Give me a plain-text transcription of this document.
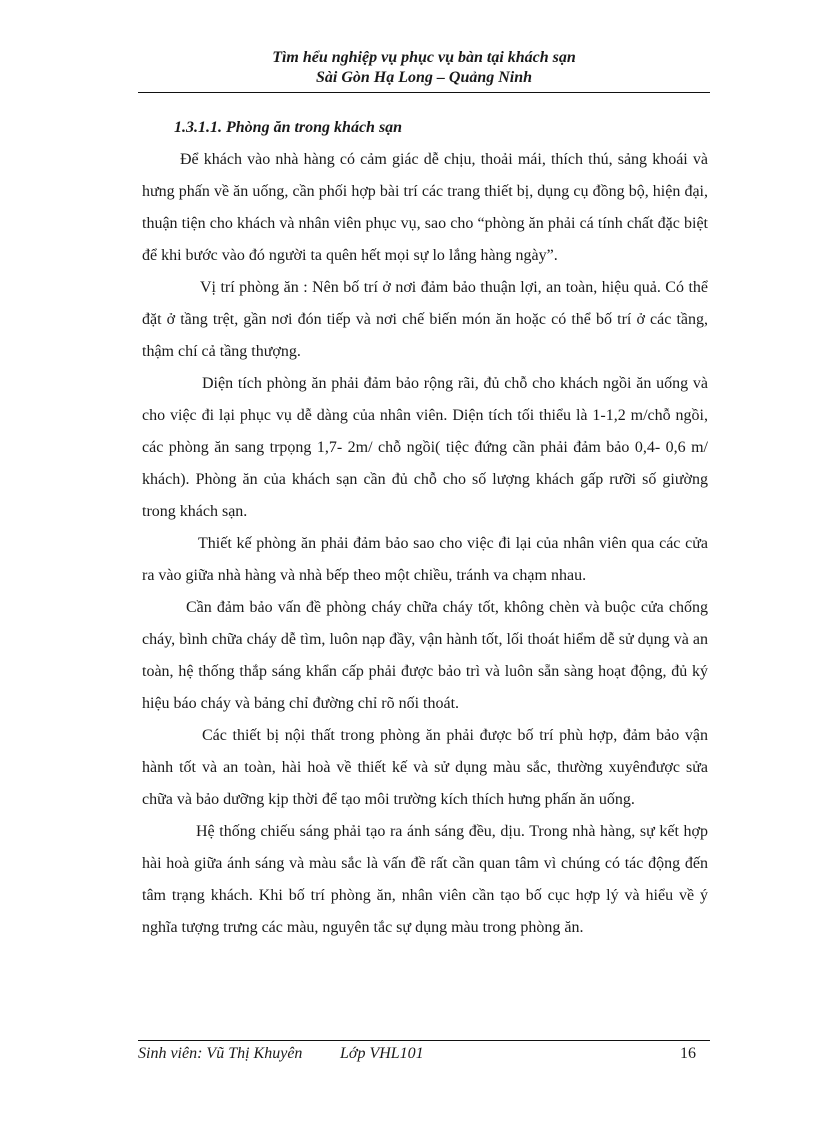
Tìm hểu nghiệp vụ phục vụ bàn tại khách sạn
Sài Gòn Hạ Long – Quảng Ninh

1.3.1.1. Phòng ăn trong khách sạn

Để khách vào nhà hàng có cảm giác dễ chịu, thoải mái, thích thú, sảng khoái và hưng phấn về ăn uống, cần phối hợp bài trí các trang thiết bị, dụng cụ đồng bộ, hiện đại, thuận tiện cho khách và nhân viên phục vụ, sao cho “phòng ăn phải cá tính chất đặc biệt để khi bước vào đó người ta quên hết mọi sự lo lắng hàng ngày”.

Vị trí phòng ăn : Nên bố trí ở nơi đảm bảo thuận lợi, an toàn, hiệu quả. Có thể đặt ở tầng trệt, gần nơi đón tiếp và nơi chế biến món ăn hoặc có thể bố trí ở các tầng, thậm chí cả tầng thượng.

Diện tích phòng ăn phải đảm bảo rộng rãi, đủ chỗ cho khách ngồi ăn uống và cho việc đi lại phục vụ dễ dàng của nhân viên. Diện tích tối thiểu là 1-1,2 m/chỗ ngồi, các phòng ăn sang trpọng 1,7- 2m/ chỗ ngồi( tiệc đứng cần phải đảm bảo 0,4- 0,6 m/ khách). Phòng ăn của khách sạn cần đủ chỗ cho số lượng khách gấp rưỡi số giường trong khách sạn.

Thiết kế phòng ăn phải đảm bảo sao cho việc đi lại của nhân viên qua các cửa ra vào giữa nhà hàng và nhà bếp theo một chiều, tránh va chạm nhau.

Cần đảm bảo vấn đề phòng cháy chữa cháy tốt, không chèn và buộc cửa chống cháy, bình chữa cháy dễ tìm, luôn nạp đầy, vận hành tốt, lối thoát hiểm dễ sử dụng và an toàn, hệ thống thắp sáng khẩn cấp phải được bảo trì và luôn sẵn sàng hoạt động, đủ ký hiệu báo cháy và bảng chỉ đường chỉ rõ nối thoát.

Các thiết bị nội thất trong phòng ăn phải được bố trí phù hợp, đảm bảo vận hành tốt và an toàn, hài hoà về thiết kế và sử dụng màu sắc, thường xuyênđược sửa chữa và bảo dưỡng kịp thời để tạo môi trường kích thích hưng phấn ăn uống.

Hệ thống chiếu sáng phải tạo ra ánh sáng đều, dịu. Trong nhà hàng, sự kết hợp hài hoà giữa ánh sáng và màu sắc là vấn đề rất cần quan tâm vì chúng có tác động đến tâm trạng khách. Khi bố trí phòng ăn, nhân viên cần tạo bố cục hợp lý và hiểu về ý nghĩa tượng trưng các màu, nguyên tắc sự dụng màu trong phòng ăn.

Sinh viên: Vũ Thị Khuyên Lớp VHL101	16
